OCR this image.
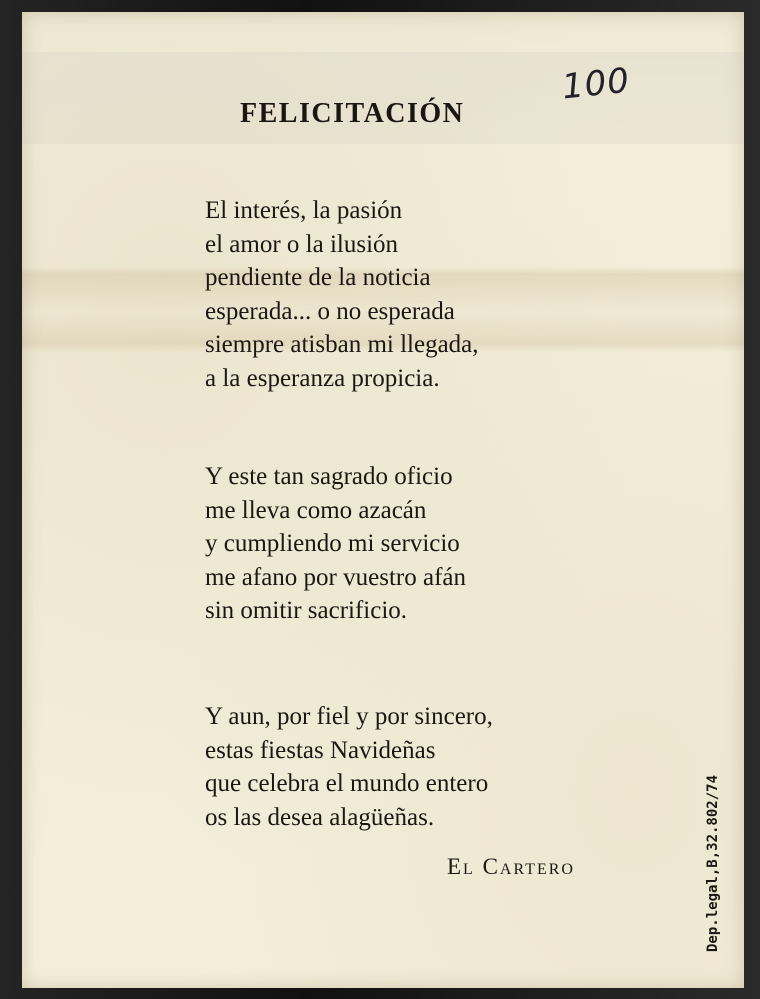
100
FELICITACIÓN
El interés, la pasión
el amor o la ilusión
pendiente de la noticia
esperada... o no esperada
siempre atisban mi llegada,
a la esperanza propicia.
Y este tan sagrado oficio
me lleva como azacán
y cumpliendo mi servicio
me afano por vuestro afán
sin omitir sacrificio.
Y aun, por fiel y por sincero,
estas fiestas Navideñas
que celebra el mundo entero
os las desea alagüeñas.
El Cartero	Dep.legal,B,32.802/74
